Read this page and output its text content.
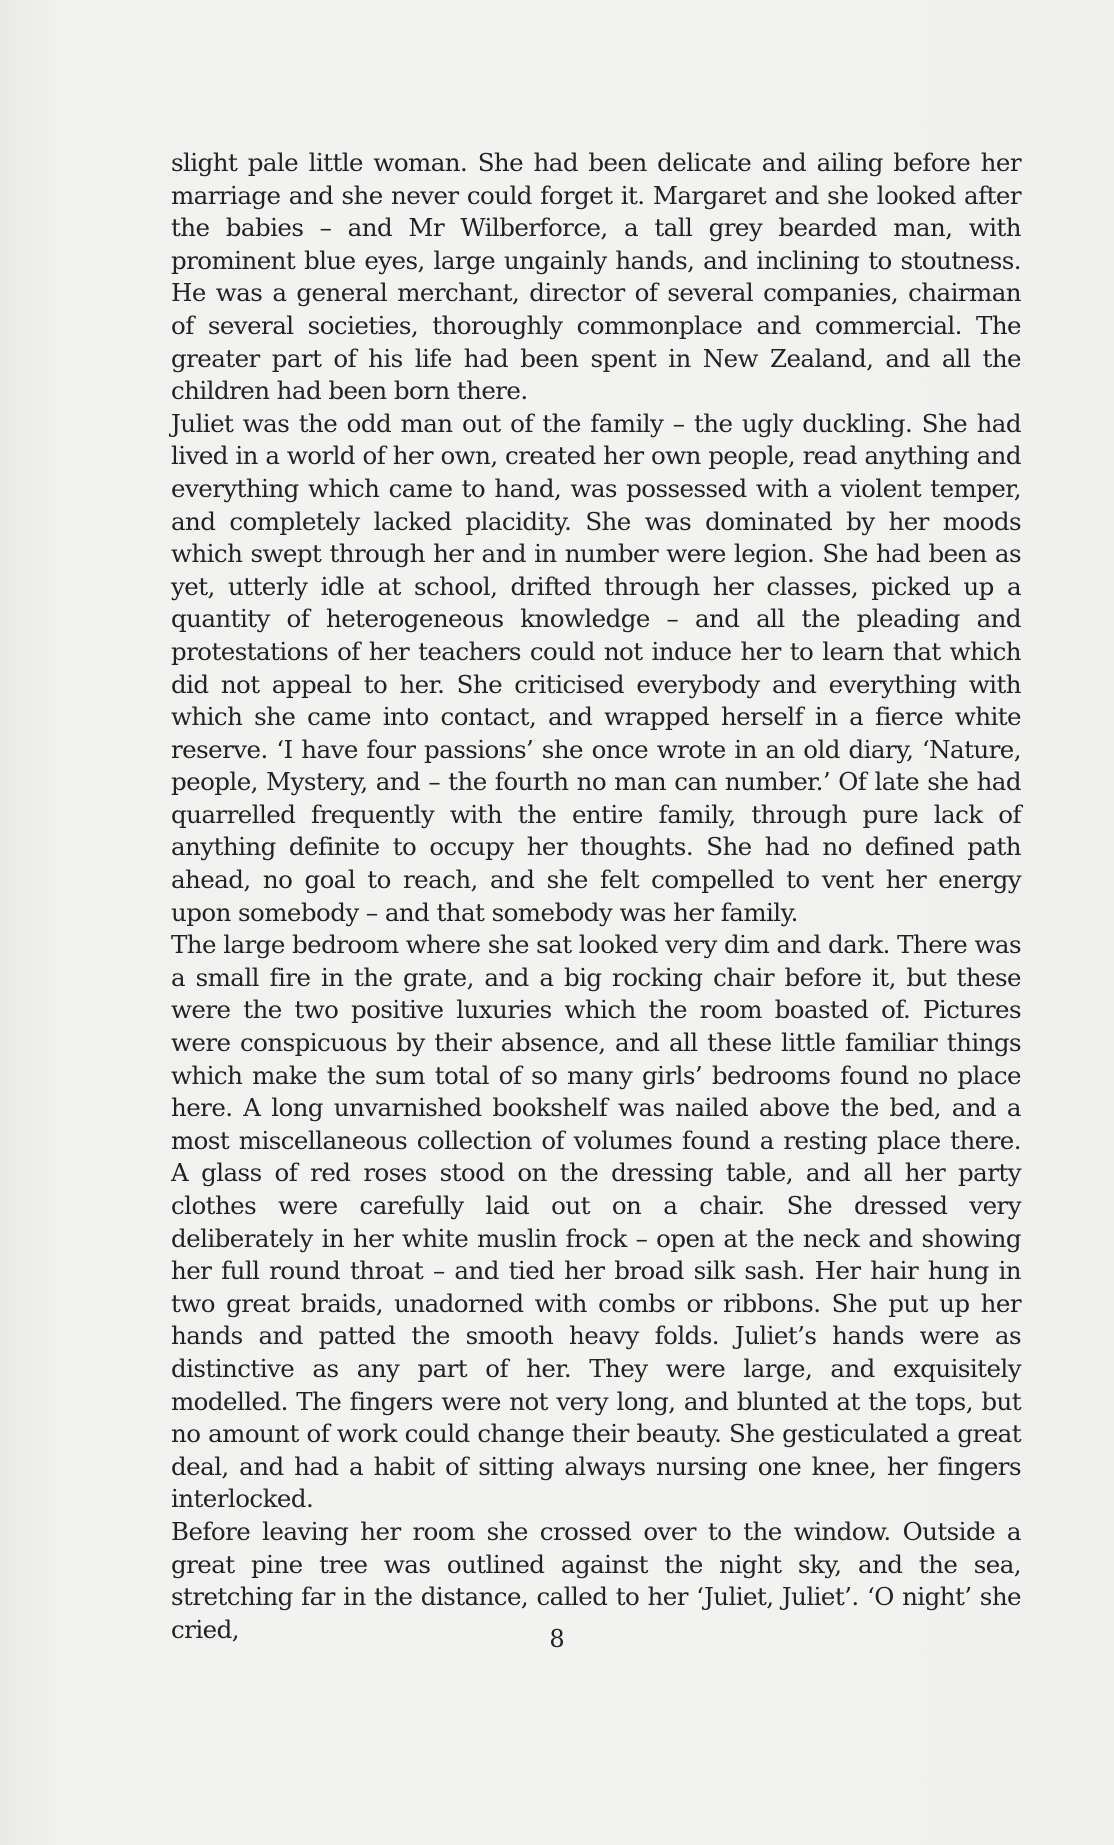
slight pale little woman. She had been delicate and ailing before her marriage and she never could forget it. Margaret and she looked after the babies – and Mr Wilberforce, a tall grey bearded man, with prominent blue eyes, large ungainly hands, and inclining to stoutness. He was a general merchant, director of several companies, chairman of several societies, thoroughly commonplace and commercial. The greater part of his life had been spent in New Zealand, and all the children had been born there.

Juliet was the odd man out of the family – the ugly duckling. She had lived in a world of her own, created her own people, read anything and everything which came to hand, was possessed with a violent temper, and completely lacked placidity. She was dominated by her moods which swept through her and in number were legion. She had been as yet, utterly idle at school, drifted through her classes, picked up a quantity of heterogeneous knowledge – and all the pleading and protestations of her teachers could not induce her to learn that which did not appeal to her. She criticised everybody and everything with which she came into contact, and wrapped herself in a fierce white reserve. ‘I have four passions’ she once wrote in an old diary, ‘Nature, people, Mystery, and – the fourth no man can number.’ Of late she had quarrelled frequently with the entire family, through pure lack of anything definite to occupy her thoughts. She had no defined path ahead, no goal to reach, and she felt compelled to vent her energy upon somebody – and that somebody was her family.

The large bedroom where she sat looked very dim and dark. There was a small fire in the grate, and a big rocking chair before it, but these were the two positive luxuries which the room boasted of. Pictures were conspicuous by their absence, and all these little familiar things which make the sum total of so many girls’ bedrooms found no place here. A long unvarnished bookshelf was nailed above the bed, and a most miscellaneous collection of volumes found a resting place there. A glass of red roses stood on the dressing table, and all her party clothes were carefully laid out on a chair. She dressed very deliberately in her white muslin frock – open at the neck and showing her full round throat – and tied her broad silk sash. Her hair hung in two great braids, unadorned with combs or ribbons. She put up her hands and patted the smooth heavy folds. Juliet’s hands were as distinctive as any part of her. They were large, and exquisitely modelled. The fingers were not very long, and blunted at the tops, but no amount of work could change their beauty. She gesticulated a great deal, and had a habit of sitting always nursing one knee, her fingers interlocked.

Before leaving her room she crossed over to the window. Outside a great pine tree was outlined against the night sky, and the sea, stretching far in the distance, called to her ‘Juliet, Juliet’. ‘O night’ she cried,	8
